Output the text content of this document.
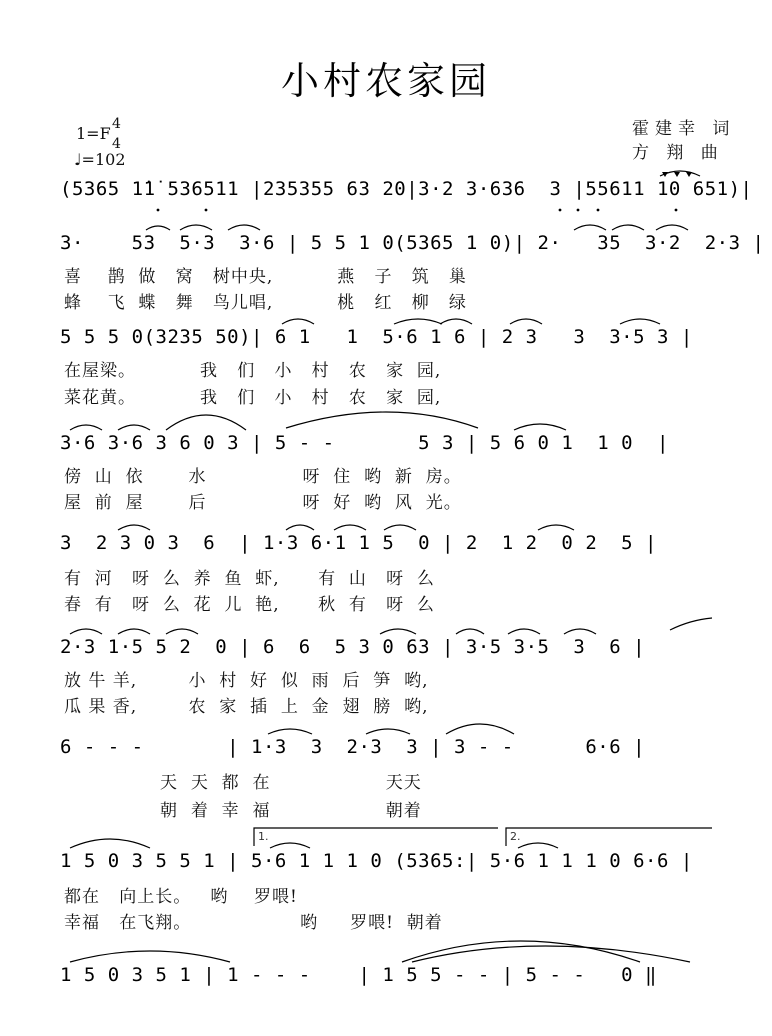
小村农家园
1=F 4
4
♩=102
霍建幸 词
方 翔 曲
(5365 1̇1̇ 536511 |235355 63 20|3·2 3·636  3 |55611 10 651)|
3·    53  5·3  3·6 | 5 5 1 0(5365 1 0)| 2·   35  3·2  2·3 |
喜    鹊  做   窝   树中央,          燕   子   筑   巢
蜂    飞  蝶   舞   鸟儿唱,          桃   红   柳   绿
5 5 5 0(3235 50)| 6 1   1  5·6 1 6 | 2 3   3  3·5 3 |
在屋梁。          我   们   小   村   农   家  园,
菜花黄。          我   们   小   村   农   家  园,
3·6 3·6 3 6 0 3 | 5 - -       5 3 | 5 6 0 1  1 0  |
傍  山  依       水               呀  住  哟  新  房。
屋  前  屋       后               呀  好  哟  风  光。
3  2 3 0 3  6  | 1·3 6·1 1 5  0 | 2  1 2  0 2  5 |
有  河   呀  么  养  鱼  虾,      有  山   呀  么
春  有   呀  么  花  儿  艳,      秋  有   呀  么
2·3 1·5 5 2  0 | 6  6  5 3 0 63 | 3·5 3·5  3  6 |
放 牛 羊,        小  村  好  似  雨  后  笋  哟,
瓜 果 香,        农  家  插  上  金  翅  膀  哟,
6 - - -       | 1·3  3  2·3  3 | 3 - -      6·6 |
天  天  都  在                  天天
朝  着  幸  福                  朝着
1.	2.
1 5 0 3 5 5 1 | 5·6 1 1 1 0 (5365:| 5·6 1 1 1 0 6·6 |
都在   向上长。   哟    罗喂!
幸福   在飞翔。                 哟     罗喂!  朝着
1 5 0 3 5 1 | 1 - - -    | 1 5 5 - - | 5 - -   0 ‖
